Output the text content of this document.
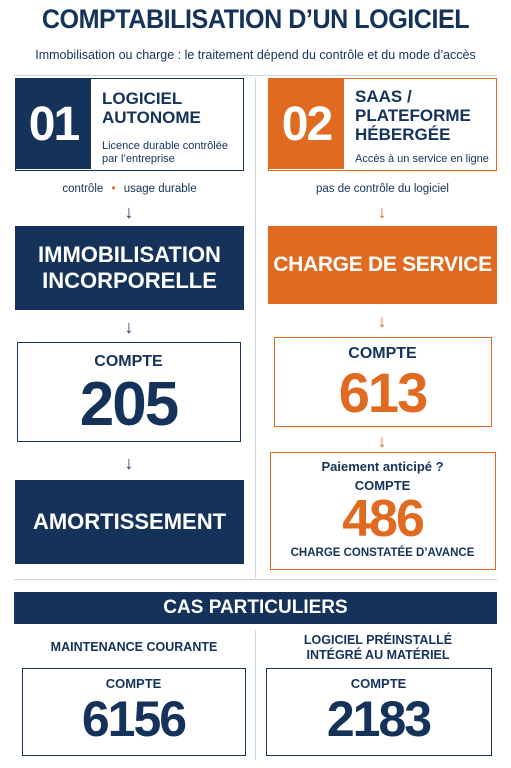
COMPTABILISATION D’UN LOGICIEL
Immobilisation ou charge : le traitement dépend du contrôle et du mode d’accès
01	LOGICIEL
AUTONOME
Licence durable contrôlée
par l’entreprise
contrôle • usage durable
↓
IMMOBILISATION
INCORPORELLE
↓
COMPTE
205
↓
AMORTISSEMENT
02
SAAS /
PLATEFORME
HÉBERGÉE
Accès à un service en ligne
pas de contrôle du logiciel
↓
CHARGE DE SERVICE
↓
COMPTE
613
↓
Paiement anticipé ?
COMPTE
486
CHARGE CONSTATÉE D’AVANCE
CAS PARTICULIERS
MAINTENANCE COURANTE
COMPTE
6156
LOGICIEL PRÉINSTALLÉ
INTÉGRÉ AU MATÉRIEL
COMPTE
2183
